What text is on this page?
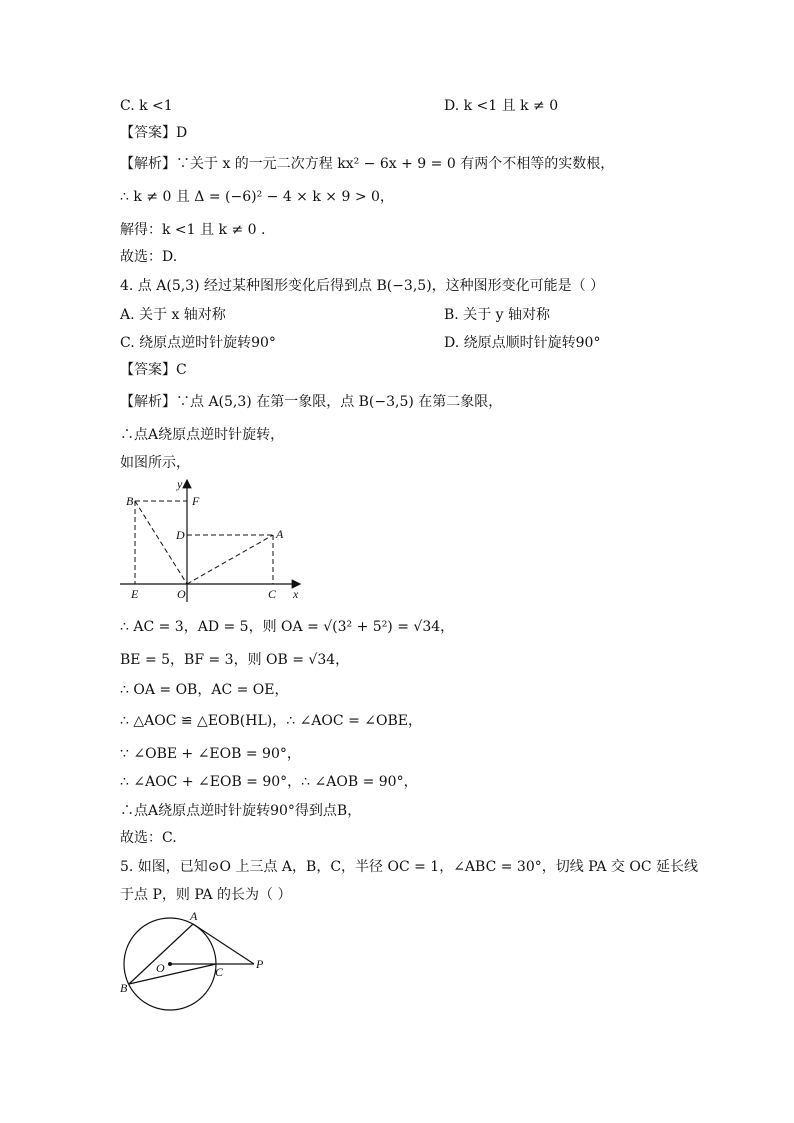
C. k <1	D. k <1 且 k ≠ 0
【答案】D
【解析】∵关于 x 的一元二次方程 kx² − 6x + 9 = 0 有两个不相等的实数根，
∴ k ≠ 0 且 Δ = (−6)² − 4 × k × 9 > 0，
解得：k <1 且 k ≠ 0 .
故选：D.
4. 点 A(5,3) 经过某种图形变化后得到点 B(−3,5)，这种图形变化可能是（ ）
A. 关于 x 轴对称	B. 关于 y 轴对称
C. 绕原点逆时针旋转90°	D. 绕原点顺时针旋转90°
【答案】C
【解析】∵点 A(5,3) 在第一象限，点 B(−3,5) 在第二象限，
∴点A绕原点逆时针旋转，
如图所示，
B	F
y
D	A
E	O	C x
∴ AC = 3，AD = 5，则 OA = √(3² + 5²) = √34，
BE = 5，BF = 3，则 OB = √34，
∴ OA = OB，AC = OE，
∴ △AOC ≌ △EOB(HL)，∴ ∠AOC = ∠OBE，
∵ ∠OBE + ∠EOB = 90°，
∴ ∠AOC + ∠EOB = 90°，∴ ∠AOB = 90°，
∴点A绕原点逆时针旋转90°得到点B，
故选：C.
5. 如图，已知⊙O 上三点 A，B，C，半径 OC = 1，∠ABC = 30°，切线 PA 交 OC 延长线
于点 P，则 PA 的长为（ ）
A
O	C
P
B
